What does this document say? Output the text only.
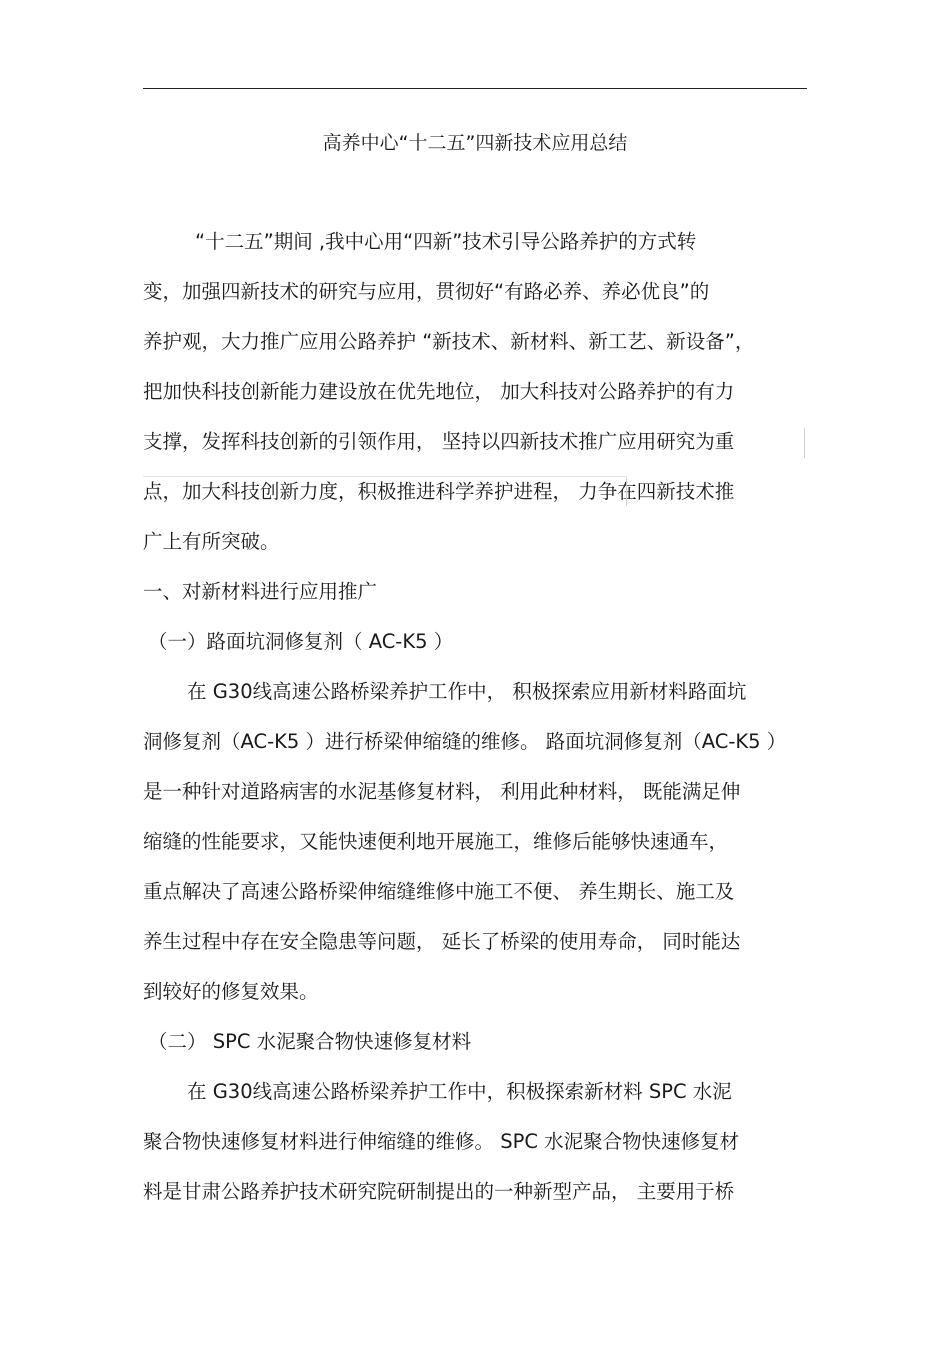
高养中心“十二五”四新技术应用总结
“十二五”期间 ,我中心用“四新”技术引导公路养护的方式转
变，加强四新技术的研究与应用，贯彻好“有路必养、养必优良”的
养护观，大力推广应用公路养护 “新技术、新材料、新工艺、新设备”，
把加快科技创新能力建设放在优先地位， 加大科技对公路养护的有力
支撑，发挥科技创新的引领作用， 坚持以四新技术推广应用研究为重
点，加大科技创新力度，积极推进科学养护进程， 力争在四新技术推
广上有所突破。
一、对新材料进行应用推广
（一）路面坑洞修复剂（ AC-K5 ）
在 G30线高速公路桥梁养护工作中， 积极探索应用新材料路面坑
洞修复剂（AC-K5 ）进行桥梁伸缩缝的维修。 路面坑洞修复剂（AC-K5 ）
是一种针对道路病害的水泥基修复材料， 利用此种材料， 既能满足伸
缩缝的性能要求，又能快速便利地开展施工，维修后能够快速通车，
重点解决了高速公路桥梁伸缩缝维修中施工不便、 养生期长、施工及
养生过程中存在安全隐患等问题， 延长了桥梁的使用寿命， 同时能达
到较好的修复效果。
（二） SPC 水泥聚合物快速修复材料
在 G30线高速公路桥梁养护工作中，积极探索新材料 SPC 水泥
聚合物快速修复材料进行伸缩缝的维修。 SPC 水泥聚合物快速修复材
料是甘肃公路养护技术研究院研制提出的一种新型产品， 主要用于桥
